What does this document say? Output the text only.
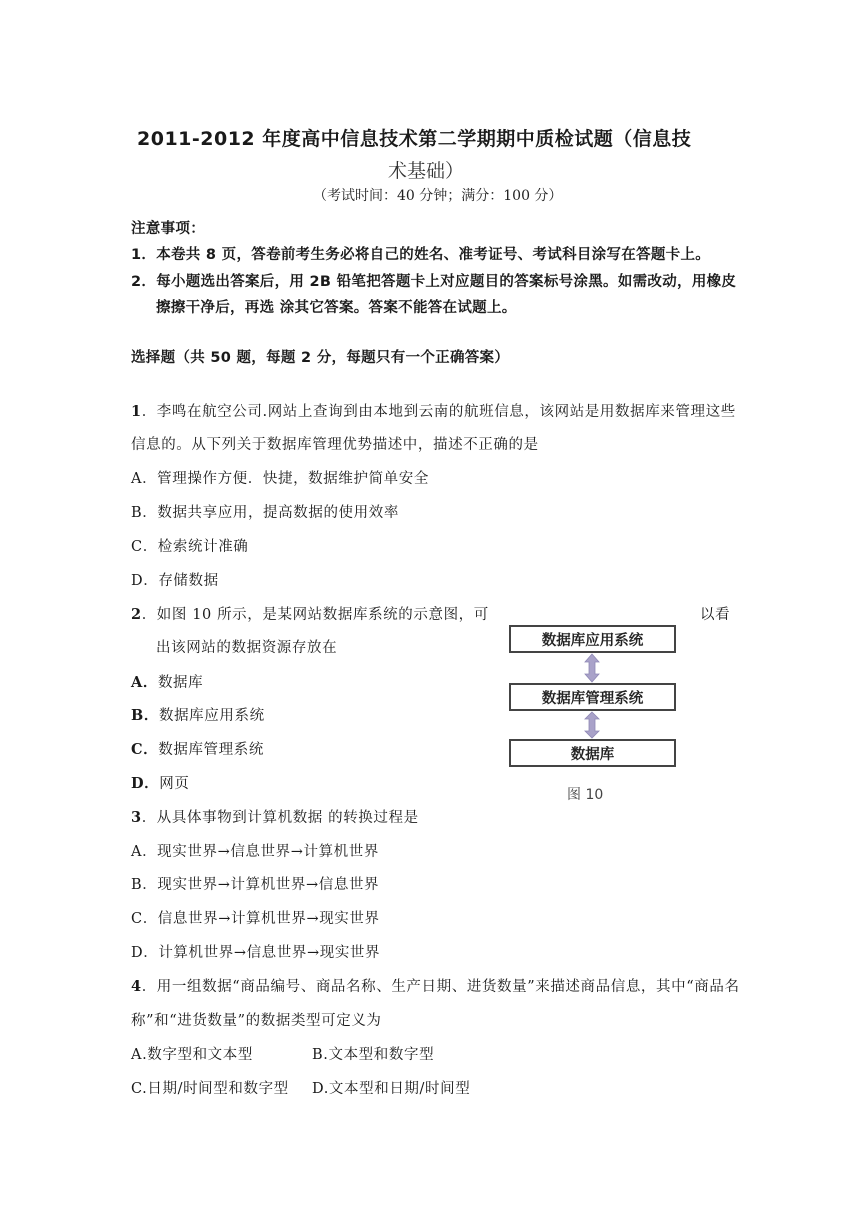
2011-2012 年度高中信息技术第二学期期中质检试题（信息技
术基础）
（考试时间：40 分钟；满分：100 分）
注意事项：
1．本卷共 8 页，答卷前考生务必将自己的姓名、准考证号、考试科目涂写在答题卡上。
2．每小题选出答案后，用 2B 铅笔把答题卡上对应题目的答案标号涂黑。如需改动，用橡皮
擦擦干净后，再选 涂其它答案。答案不能答在试题上。
选择题（共 50 题，每题 2 分，每题只有一个正确答案）
1．李鸣在航空公司.网站上查询到由本地到云南的航班信息，该网站是用数据库来管理这些
信息的。从下列关于数据库管理优势描述中，描述不正确的是
A．管理操作方便．快捷，数据维护简单安全
B．数据共享应用，提高数据的使用效率
C．检索统计准确
D．存储数据
2．如图 10 所示，是某网站数据库系统的示意图，可	以看
出该网站的数据资源存放在
A．数据库
B．数据库应用系统
C．数据库管理系统
D．网页
数据库应用系统
数据库管理系统
数据库
图 10
3．从具体事物到计算机数据 的转换过程是
A．现实世界→信息世界→计算机世界
B．现实世界→计算机世界→信息世界
C．信息世界→计算机世界→现实世界
D．计算机世界→信息世界→现实世界
4．用一组数据“商品编号、商品名称、生产日期、进货数量”来描述商品信息，其中“商品名
称”和“进货数量”的数据类型可定义为
A.数字型和文本型	B.文本型和数字型
C.日期/时间型和数字型 D.文本型和日期/时间型
